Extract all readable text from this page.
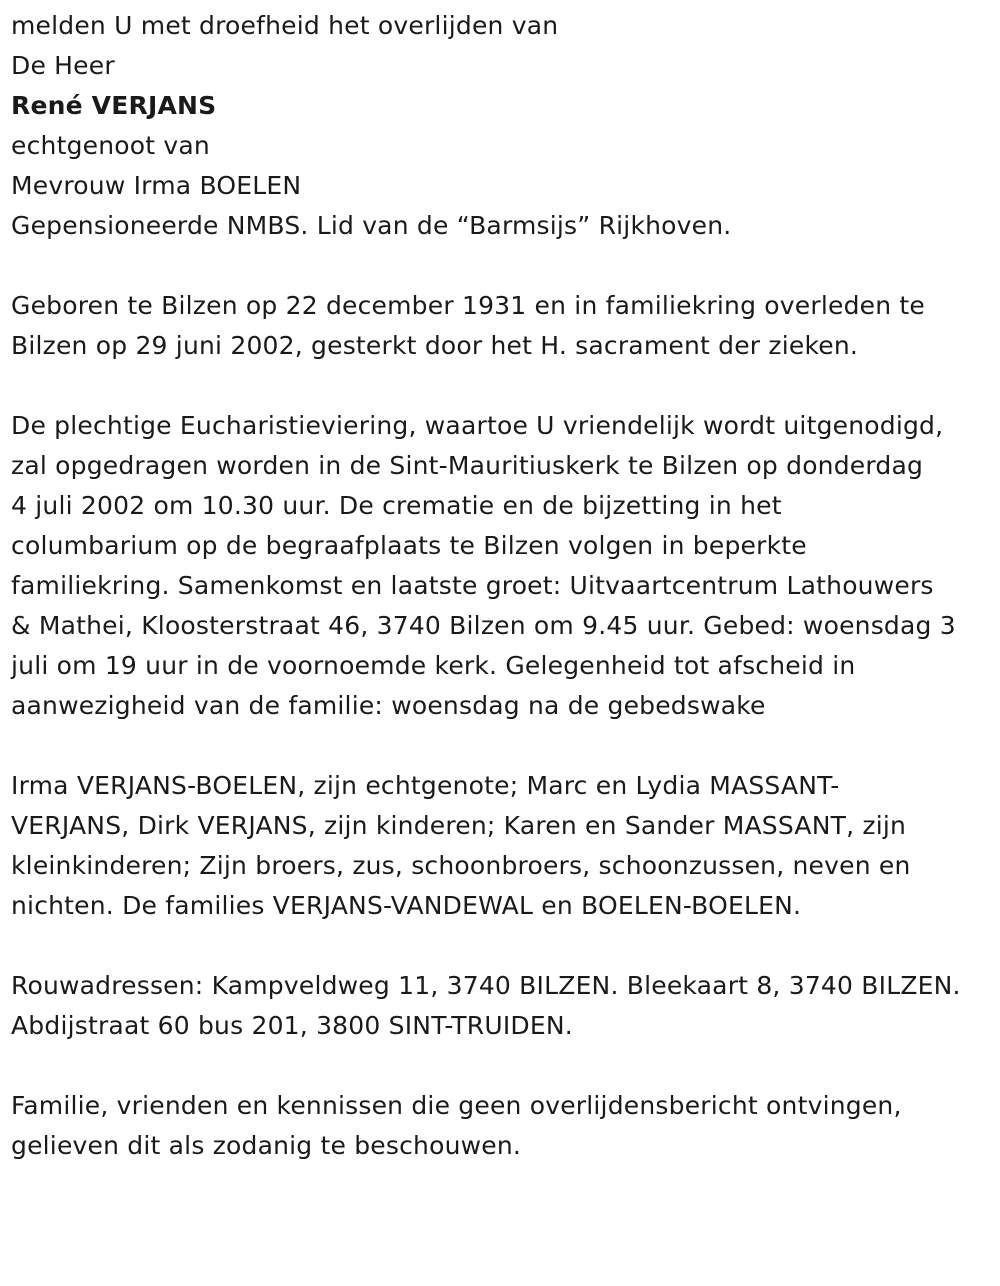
melden U met droefheid het overlijden van

De Heer

René VERJANS

echtgenoot van

Mevrouw Irma BOELEN

Gepensioneerde NMBS. Lid van de “Barmsijs” Rijkhoven.

Geboren te Bilzen op 22 december 1931 en in familiekring overleden te
Bilzen op 29 juni 2002, gesterkt door het H. sacrament der zieken.
De plechtige Eucharistieviering, waartoe U vriendelijk wordt uitgenodigd,
zal opgedragen worden in de Sint-Mauritiuskerk te Bilzen op donderdag
4 juli 2002 om 10.30 uur. De crematie en de bijzetting in het
columbarium op de begraafplaats te Bilzen volgen in beperkte
familiekring. Samenkomst en laatste groet: Uitvaartcentrum Lathouwers
& Mathei, Kloosterstraat 46, 3740 Bilzen om 9.45 uur. Gebed: woensdag 3
juli om 19 uur in de voornoemde kerk. Gelegenheid tot afscheid in
aanwezigheid van de familie: woensdag na de gebedswake
Irma VERJANS-BOELEN, zijn echtgenote; Marc en Lydia MASSANT-
VERJANS, Dirk VERJANS, zijn kinderen; Karen en Sander MASSANT, zijn
kleinkinderen; Zijn broers, zus, schoonbroers, schoonzussen, neven en
nichten. De families VERJANS-VANDEWAL en BOELEN-BOELEN.
Rouwadressen: Kampveldweg 11, 3740 BILZEN. Bleekaart 8, 3740 BILZEN.
Abdijstraat 60 bus 201, 3800 SINT-TRUIDEN.
Familie, vrienden en kennissen die geen overlijdensbericht ontvingen,
gelieven dit als zodanig te beschouwen.
